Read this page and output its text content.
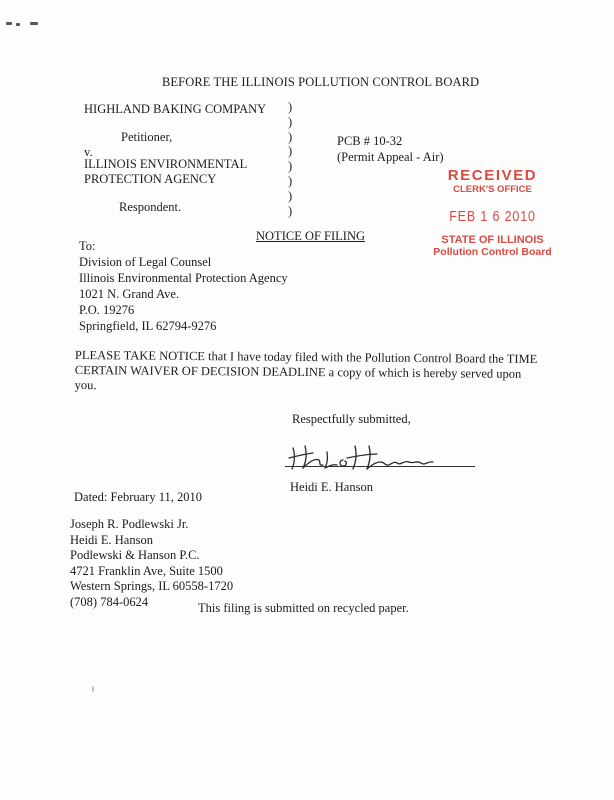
BEFORE THE ILLINOIS POLLUTION CONTROL BOARD
HIGHLAND BAKING COMPANY
Petitioner,
v.
ILLINOIS ENVIRONMENTAL
PROTECTION AGENCY
Respondent.
)
)
)
)
)
)
)
)
PCB # 10-32
(Permit Appeal - Air)
RECEIVED
CLERK'S OFFICE
FEB 1 6 2010
STATE OF ILLINOIS
Pollution Control Board
NOTICE OF FILING
To:
Division of Legal Counsel
Illinois Environmental Protection Agency
1021 N. Grand Ave.
P.O. 19276
Springfield, IL 62794-9276
PLEASE TAKE NOTICE that I have today filed with the Pollution Control Board the TIME
CERTAIN WAIVER OF DECISION DEADLINE a copy of which is hereby served upon
you.
Respectfully submitted,
Heidi E. Hanson
Dated: February 11, 2010
Joseph R. Podlewski Jr.
Heidi E. Hanson
Podlewski & Hanson P.C.
4721 Franklin Ave, Suite 1500
Western Springs, IL 60558-1720
(708) 784-0624	This filing is submitted on recycled paper.
